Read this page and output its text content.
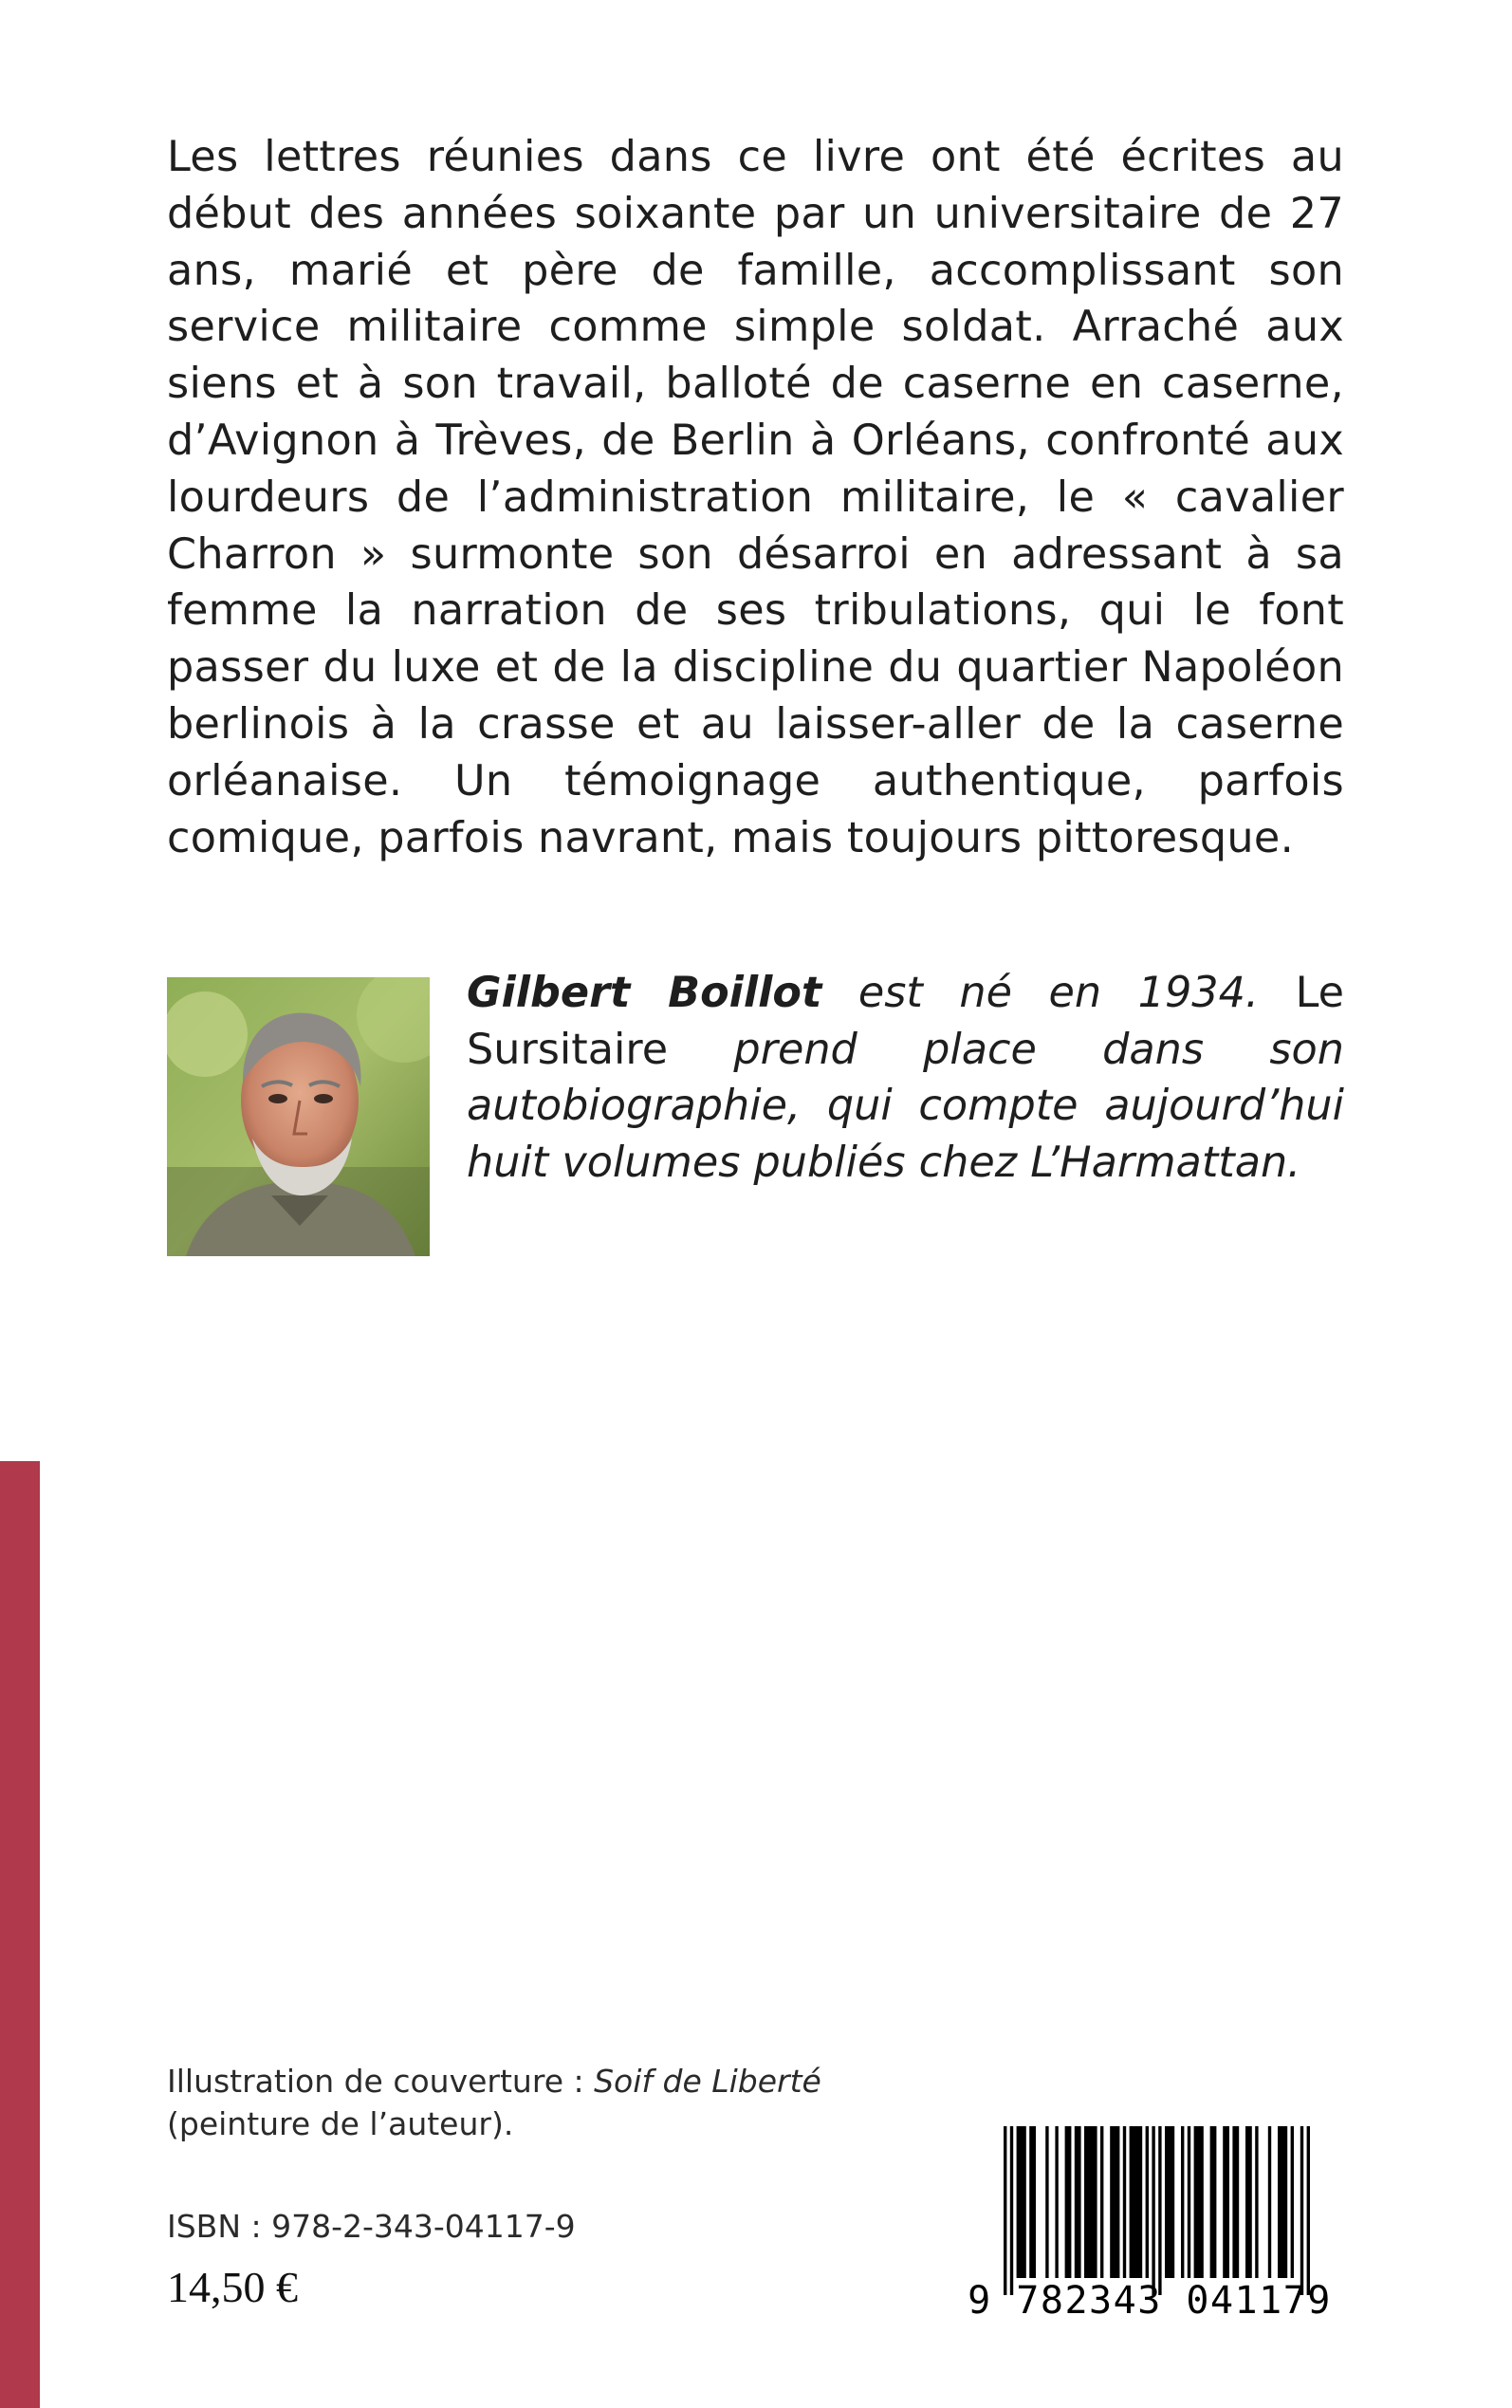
Les lettres réunies dans ce livre ont été écrites au début des années soixante par un universitaire de 27 ans, marié et père de famille, accomplissant son service militaire comme simple soldat. Arraché aux siens et à son travail, balloté de caserne en caserne, d’Avignon à Trèves, de Berlin à Orléans, confronté aux lourdeurs de l’administration militaire, le « cavalier Charron » surmonte son désarroi en adressant à sa femme la narration de ses tribulations, qui le font passer du luxe et de la discipline du quartier Napoléon berlinois à la crasse et au laisser-aller de la caserne orléanaise. Un témoignage authentique, parfois comique, parfois navrant, mais toujours pittoresque.

Gilbert Boillot est né en 1934. Le Sursitaire prend place dans son autobiographie, qui compte aujourd’hui huit volumes publiés chez L’Harmattan.

Illustration de couverture : Soif de Liberté
(peinture de l’auteur).
ISBN : 978-2-343-04117-9
14,50 €	9 782343 041179
